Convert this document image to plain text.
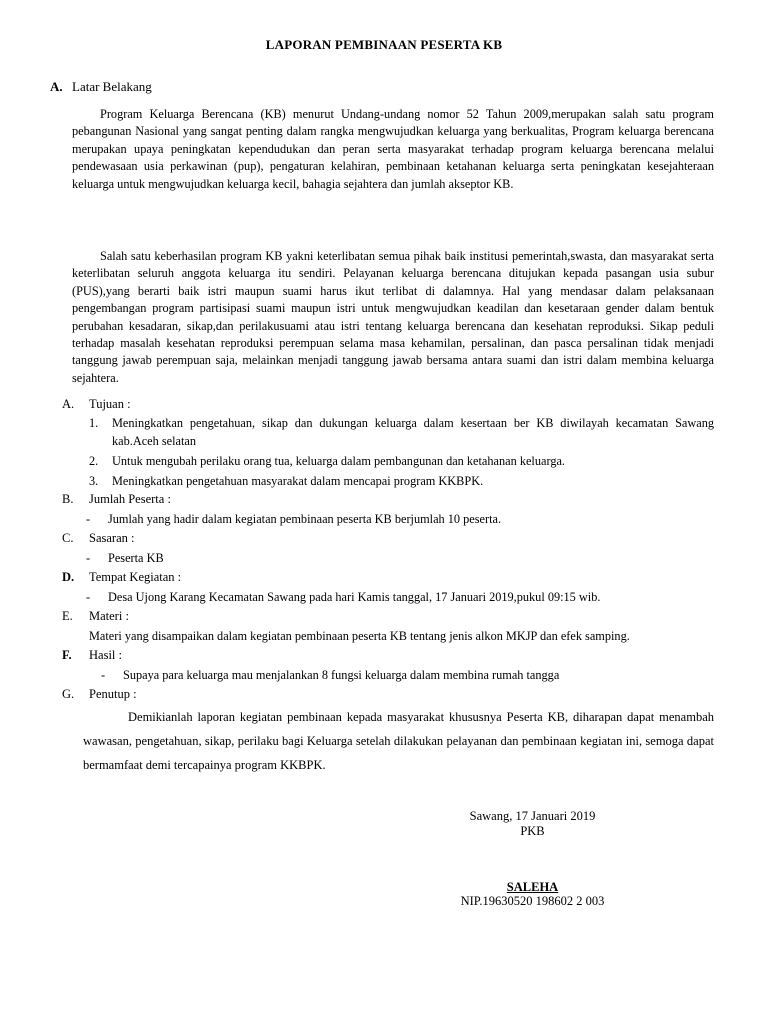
LAPORAN PEMBINAAN PESERTA KB
A. Latar Belakang
Program Keluarga Berencana (KB) menurut Undang-undang nomor 52 Tahun 2009,merupakan salah satu program pebangunan Nasional yang sangat penting dalam rangka mengwujudkan keluarga yang berkualitas, Program keluarga berencana merupakan upaya peningkatan kependudukan dan peran serta masyarakat terhadap program keluarga berencana melalui pendewasaan usia perkawinan (pup), pengaturan kelahiran, pembinaan ketahanan keluarga serta peningkatan kesejahteraan keluarga untuk mengwujudkan keluarga kecil, bahagia sejahtera dan jumlah akseptor KB.
Salah satu keberhasilan program KB yakni keterlibatan semua pihak baik institusi pemerintah,swasta, dan masyarakat serta keterlibatan seluruh anggota keluarga itu sendiri. Pelayanan keluarga berencana ditujukan kepada pasangan usia subur (PUS),yang berarti baik istri maupun suami harus ikut terlibat di dalamnya. Hal yang mendasar dalam pelaksanaan pengembangan program partisipasi suami maupun istri untuk mengwujudkan keadilan dan kesetaraan gender dalam bentuk perubahan kesadaran, sikap,dan perilakusuami atau istri tentang keluarga berencana dan kesehatan reproduksi. Sikap peduli terhadap masalah kesehatan reproduksi perempuan selama masa kehamilan, persalinan, dan pasca persalinan tidak menjadi tanggung jawab perempuan saja, melainkan menjadi tanggung jawab bersama antara suami dan istri dalam membina keluarga sejahtera.
A. Tujuan :
1.	Meningkatkan pengetahuan, sikap dan dukungan keluarga dalam kesertaan ber KB diwilayah kecamatan Sawang kab.Aceh selatan
2.	Untuk mengubah perilaku orang tua, keluarga dalam pembangunan dan ketahanan keluarga.
3.	Meningkatkan pengetahuan masyarakat dalam mencapai program KKBPK.
B. Jumlah Peserta :
- Jumlah yang hadir dalam kegiatan pembinaan peserta KB berjumlah 10 peserta.
C. Sasaran :
- Peserta KB
D. Tempat Kegiatan :
- Desa Ujong Karang Kecamatan Sawang pada hari Kamis tanggal, 17 Januari 2019,pukul 09:15 wib.
E. Materi :
Materi yang disampaikan dalam kegiatan pembinaan peserta KB tentang jenis alkon MKJP dan efek samping.
F. Hasil :
- Supaya para keluarga mau menjalankan 8 fungsi keluarga dalam membina rumah tangga
G. Penutup :
Demikianlah laporan kegiatan pembinaan kepada masyarakat khususnya Peserta KB, diharapan dapat menambah wawasan, pengetahuan, sikap, perilaku bagi Keluarga setelah dilakukan pelayanan dan pembinaan kegiatan ini, semoga dapat bermamfaat demi tercapainya program KKBPK.
Sawang, 17 Januari 2019
PKB
SALEHA
NIP.19630520 198602 2 003
